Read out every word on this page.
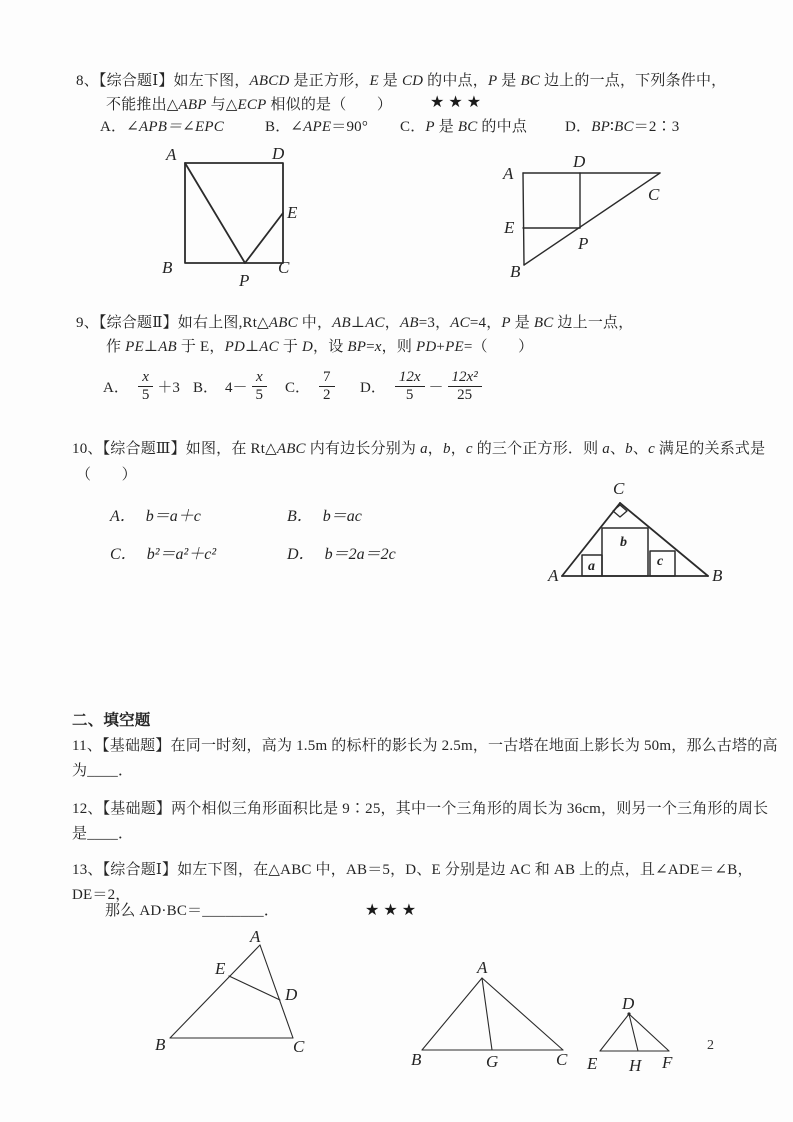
8、【综合题Ⅰ】如左下图，ABCD 是正方形，E 是 CD 的中点，P 是 BC 边上的一点，下列条件中，
不能推出△ABP 与△ECP 相似的是（　　） ★★★
A．∠APB＝∠EPC	B．∠APE＝90° C．P 是 BC 的中点	D．BP∶BC＝2∶3
A	D
E
B
P
C
A
D
C
E
P
B
9、【综合题Ⅱ】如右上图,Rt△ABC 中，AB⊥AC，AB=3，AC=4，P 是 BC 边上一点，
作 PE⊥AB 于 E，PD⊥AC 于 D，设 BP=x，则 PD+PE=（　　）
A． $\frac{x}{5} +3$ B． $4- \frac{x}{5}$ C． $\frac{7}{2}$ D． $\frac{12x}{5} - \frac{\text{12x²}}{25}$
10、【综合题Ⅲ】如图，在 Rt△ABC 内有边长分别为 a，b，c 的三个正方形．则 a、b、c 满足的关系式是
（　　）
A． b＝a＋c	B． b＝ac
C． b²＝a²＋c²	D． b＝2a＝2c
C
A	B
a
b
c
二、填空题
11、【基础题】在同一时刻，高为 1.5m 的标杆的影长为 2.5m，一古塔在地面上影长为 50m，那么古塔的高
为____．
12、【基础题】两个相似三角形面积比是 9∶25，其中一个三角形的周长为 36cm，则另一个三角形的周长
是____．
13、【综合题Ⅰ】如左下图，在△ABC 中，AB＝5，D、E 分别是边 AC 和 AB 上的点，且∠ADE＝∠B，
DE＝2，
那么 AD·BC＝________．	★★★
A
E
D
B	C
A
B	G	C
D
E H F
2
